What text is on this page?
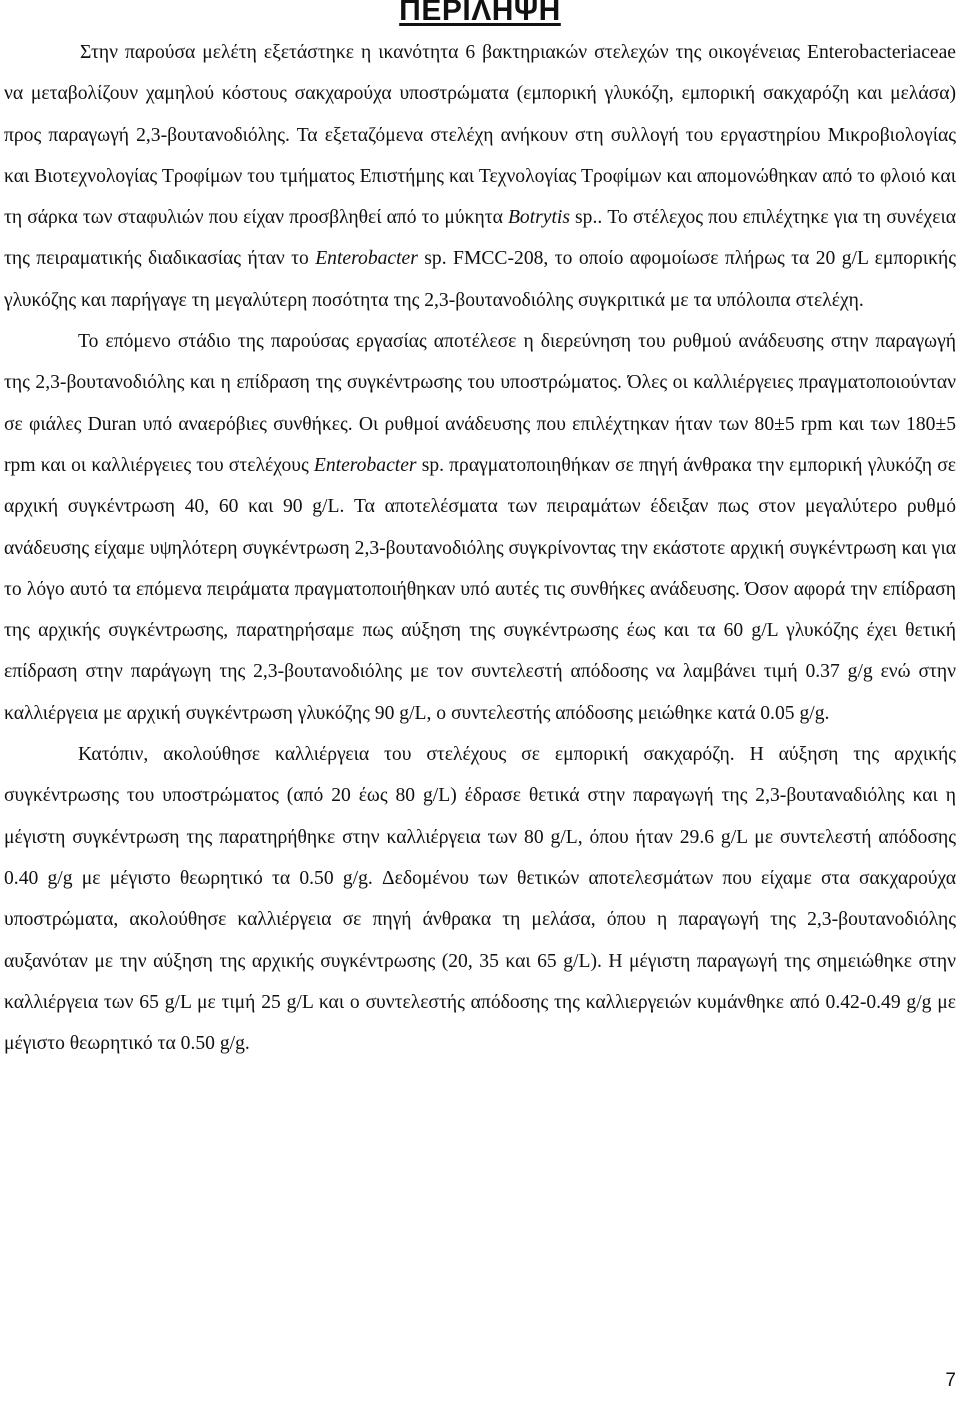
ΠΕΡΙΛΗΨΗ

Στην παρούσα μελέτη εξετάστηκε η ικανότητα 6 βακτηριακών στελεχών της οικογένειας Enterobacteriaceae να μεταβολίζουν χαμηλού κόστους σακχαρούχα υποστρώματα (εμπορική γλυκόζη, εμπορική σακχαρόζη και μελάσα) προς παραγωγή 2,3-βουτανοδιόλης. Τα εξεταζόμενα στελέχη ανήκουν στη συλλογή του εργαστηρίου Μικροβιολογίας και Βιοτεχνολογίας Τροφίμων του τμήματος Επιστήμης και Τεχνολογίας Τροφίμων και απομονώθηκαν από το φλοιό και τη σάρκα των σταφυλιών που είχαν προσβληθεί από το μύκητα Botrytis sp.. Το στέλεχος που επιλέχτηκε για τη συνέχεια της πειραματικής διαδικασίας ήταν το Enterobacter sp. FMCC-208, το οποίο αφομοίωσε πλήρως τα 20 g/L εμπορικής γλυκόζης και παρήγαγε τη μεγαλύτερη ποσότητα της 2,3-βουτανοδιόλης συγκριτικά με τα υπόλοιπα στελέχη.

Το επόμενο στάδιο της παρούσας εργασίας αποτέλεσε η διερεύνηση του ρυθμού ανάδευσης στην παραγωγή της 2,3-βουτανοδιόλης και η επίδραση της συγκέντρωσης του υποστρώματος. Όλες οι καλλιέργειες πραγματοποιούνταν σε φιάλες Duran υπό αναερόβιες συνθήκες. Οι ρυθμοί ανάδευσης που επιλέχτηκαν ήταν των 80±5 rpm και των 180±5 rpm και οι καλλιέργειες του στελέχους Enterobacter sp. πραγματοποιηθήκαν σε πηγή άνθρακα την εμπορική γλυκόζη σε αρχική συγκέντρωση 40, 60 και 90 g/L. Τα αποτελέσματα των πειραμάτων έδειξαν πως στον μεγαλύτερο ρυθμό ανάδευσης είχαμε υψηλότερη συγκέντρωση 2,3-βουτανοδιόλης συγκρίνοντας την εκάστοτε αρχική συγκέντρωση και για το λόγο αυτό τα επόμενα πειράματα πραγματοποιήθηκαν υπό αυτές τις συνθήκες ανάδευσης. Όσον αφορά την επίδραση της αρχικής συγκέντρωσης, παρατηρήσαμε πως αύξηση της συγκέντρωσης έως και τα 60 g/L γλυκόζης έχει θετική επίδραση στην παράγωγη της 2,3-βουτανοδιόλης με τον συντελεστή απόδοσης να λαμβάνει τιμή 0.37 g/g ενώ στην καλλιέργεια με αρχική συγκέντρωση γλυκόζης 90 g/L, ο συντελεστής απόδοσης μειώθηκε κατά 0.05 g/g.

Κατόπιν, ακολούθησε καλλιέργεια του στελέχους σε εμπορική σακχαρόζη. Η αύξηση της αρχικής συγκέντρωσης του υποστρώματος (από 20 έως 80 g/L) έδρασε θετικά στην παραγωγή της 2,3-βουταναδιόλης και η μέγιστη συγκέντρωση της παρατηρήθηκε στην καλλιέργεια των 80 g/L, όπου ήταν 29.6 g/L με συντελεστή απόδοσης 0.40 g/g με μέγιστο θεωρητικό τα 0.50 g/g. Δεδομένου των θετικών αποτελεσμάτων που είχαμε στα σακχαρούχα υποστρώματα, ακολούθησε καλλιέργεια σε πηγή άνθρακα τη μελάσα, όπου η παραγωγή της 2,3-βουτανοδιόλης αυξανόταν με την αύξηση της αρχικής συγκέντρωσης (20, 35 και 65 g/L). Η μέγιστη παραγωγή της σημειώθηκε στην καλλιέργεια των 65 g/L με τιμή 25 g/L και ο συντελεστής απόδοσης της καλλιεργειών κυμάνθηκε από 0.42-0.49 g/g με μέγιστο θεωρητικό τα 0.50 g/g.

7
